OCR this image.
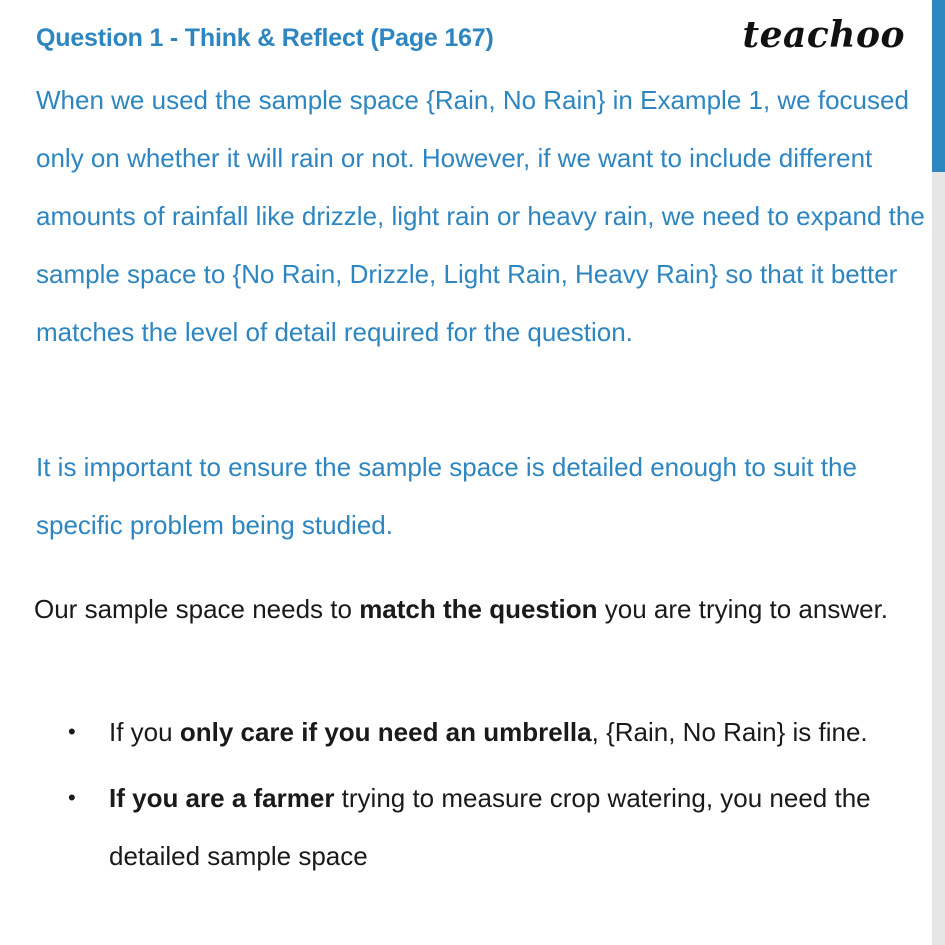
Question 1 - Think & Reflect (Page 167)	teachoo
When we used the sample space {Rain, No Rain} in Example 1, we focused only on whether it will rain or not. However, if we want to include different amounts of rainfall like drizzle, light rain or heavy rain, we need to expand the sample space to {No Rain, Drizzle, Light Rain, Heavy Rain} so that it better matches the level of detail required for the question.
It is important to ensure the sample space is detailed enough to suit the specific problem being studied.
Our sample space needs to match the question you are trying to answer.
• If you only care if you need an umbrella, {Rain, No Rain} is fine.
• If you are a farmer trying to measure crop watering, you need the detailed sample space
